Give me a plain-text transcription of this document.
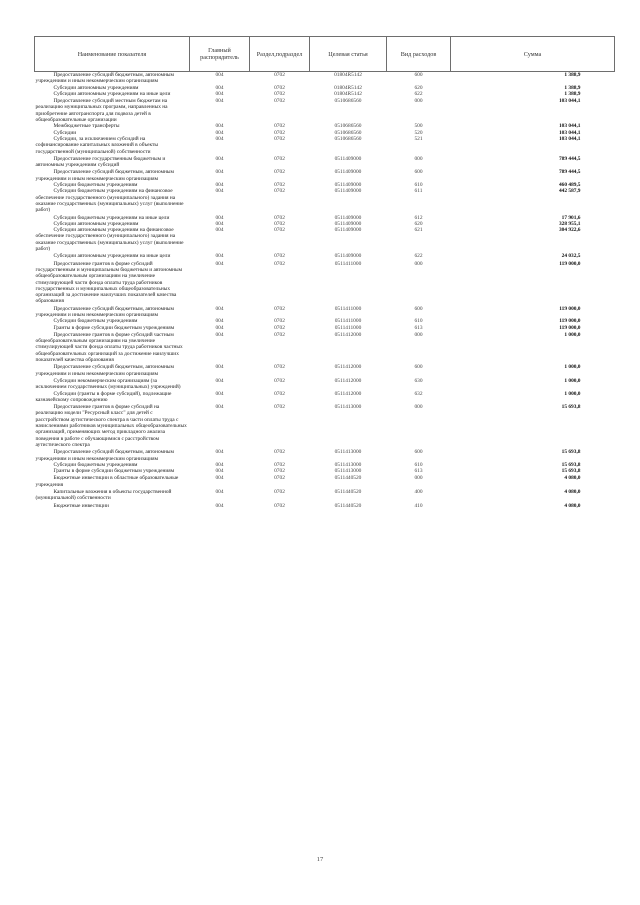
Наименование показателя	Главный распорядитель	Раздел,подраздел	Целевая статья	Вид расходов	Сумма
Предоставление субсидий бюджетным, автономным учреждениям и иным некоммерческим организациям	004	0702	01804R5142	600	1 388,9
Субсидии автономным учреждениям	004	0702	01804R5142	620	1 388,9
Субсидии автономным учреждениям на иные цели	004	0702	01804R5142	622	1 388,9
Предоставление субсидий местным бюджетам на реализацию муниципальных программ, направленных на приобретение автотранспорта для подвоза детей в общеобразовательные организации	004	0702	0510686560	000	103 044,1
Межбюджетные трансферты	004	0702	0510686560	500	103 044,1
Субсидии	004	0702	0510686560	520	103 044,1
Субсидии, за исключением субсидий на софинансирование капитальных вложений в объекты государственной (муниципальной) собственности	004	0702	0510686560	521	103 044,1
Предоставление государственным бюджетным и автономным учреждениям субсидий	004	0702	0511409000	000	789 444,5
Предоставление субсидий бюджетным, автономным учреждениям и иным некоммерческим организациям	004	0702	0511409000	600	789 444,5
Субсидии бюджетным учреждениям	004	0702	0511409000	610	460 489,5
Субсидии бюджетным учреждениям на финансовое обеспечение государственного (муниципального) задания на оказание государственных (муниципальных) услуг (выполнение работ)	004	0702	0511409000	611	442 587,9
Субсидии бюджетным учреждениям на иные цели	004	0702	0511409000	612	17 901,6
Субсидии автономным учреждениям	004	0702	0511409000	620	328 955,1
Субсидии автономным учреждениям на финансовое обеспечение государственного (муниципального) задания на оказание государственных (муниципальных) услуг (выполнение работ)	004	0702	0511409000	621	304 922,6
Субсидии автономным учреждениям на иные цели	004	0702	0511409000	622	24 032,5
Предоставление грантов в форме субсидий государственным и муниципальным бюджетным и автономным общеобразовательным организациям на увеличение стимулирующей части фонда оплаты труда работников государственных и муниципальных общеобразовательных организаций за достижение наилучших показателей качества образования	004	0702	0511411000	000	119 000,0
Предоставление субсидий бюджетным, автономным учреждениям и иным некоммерческим организациям	004	0702	0511411000	600	119 000,0
Субсидии бюджетным учреждениям	004	0702	0511411000	610	119 000,0
Гранты в форме субсидии бюджетным учреждениям	004	0702	0511411000	613	119 000,0
Предоставление грантов в форме субсидий частным общеобразовательным организациям на увеличение стимулирующей части фонда оплаты труда работников частных общеобразовательных организаций за достижение наилучших показателей качества образования	004	0702	0511412000	000	1 000,0
Предоставление субсидий бюджетным, автономным учреждениям и иным некоммерческим организациям	004	0702	0511412000	600	1 000,0
Субсидии некоммерческим организациям (за исключением государственных (муниципальных) учреждений)	004	0702	0511412000	630	1 000,0
Субсидии (гранты в форме субсидий), подлежащие казначейскому сопровождению	004	0702	0511412000	632	1 000,0
Предоставление грантов в форме субсидий на реализацию модели "Ресурсный класс" для детей с расстройством аутистического спектра в части оплаты труда с начислениями работников муниципальных общеобразовательных организаций, применяющих метод прикладного анализа поведения в работе с обучающимися с расстройством аутистического спектра	004	0702	0511413000	000	15 693,8
Предоставление субсидий бюджетным, автономным учреждениям и иным некоммерческим организациям	004	0702	0511413000	600	15 693,8
Субсидии бюджетным учреждениям	004	0702	0511413000	610	15 693,8
Гранты в форме субсидии бюджетным учреждениям	004	0702	0511413000	613	15 693,8
Бюджетные инвестиции в областные образовательные учреждения	004	0702	0511440520	000	4 080,0
Капитальные вложения в объекты государственной (муниципальной) собственности	004	0702	0511440520	400	4 080,0
Бюджетные инвестиции	004	0702	0511440520	410	4 080,0
17
